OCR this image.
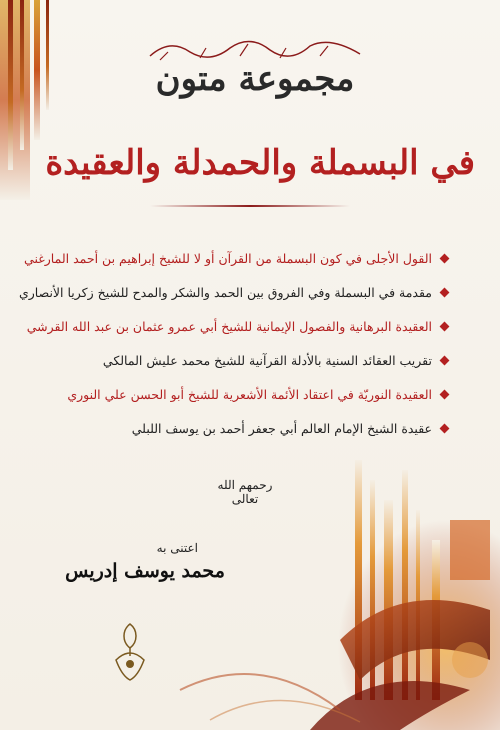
مجموعة متون
في البسملة والحمدلة والعقيدة
القول الأجلى في كون البسملة من القرآن أو لا للشيخ إبراهيم بن أحمد المارغني
مقدمة في البسملة وفي الفروق بين الحمد والشكر والمدح للشيخ زكريا الأنصاري
العقيدة البرهانية والفصول الإيمانية للشيخ أبي عمرو عثمان بن عبد الله القرشي
تقريب العقائد السنية بالأدلة القرآنية للشيخ محمد عليش المالكي
العقيدة النوريّة في اعتقاد الأئمة الأشعرية للشيخ أبو الحسن علي النوري
عقيدة الشيخ الإمام العالم أبي جعفر أحمد بن يوسف اللبلي
رحمهم الله تعالى
اعتنى به
محمد يوسف إدريس
